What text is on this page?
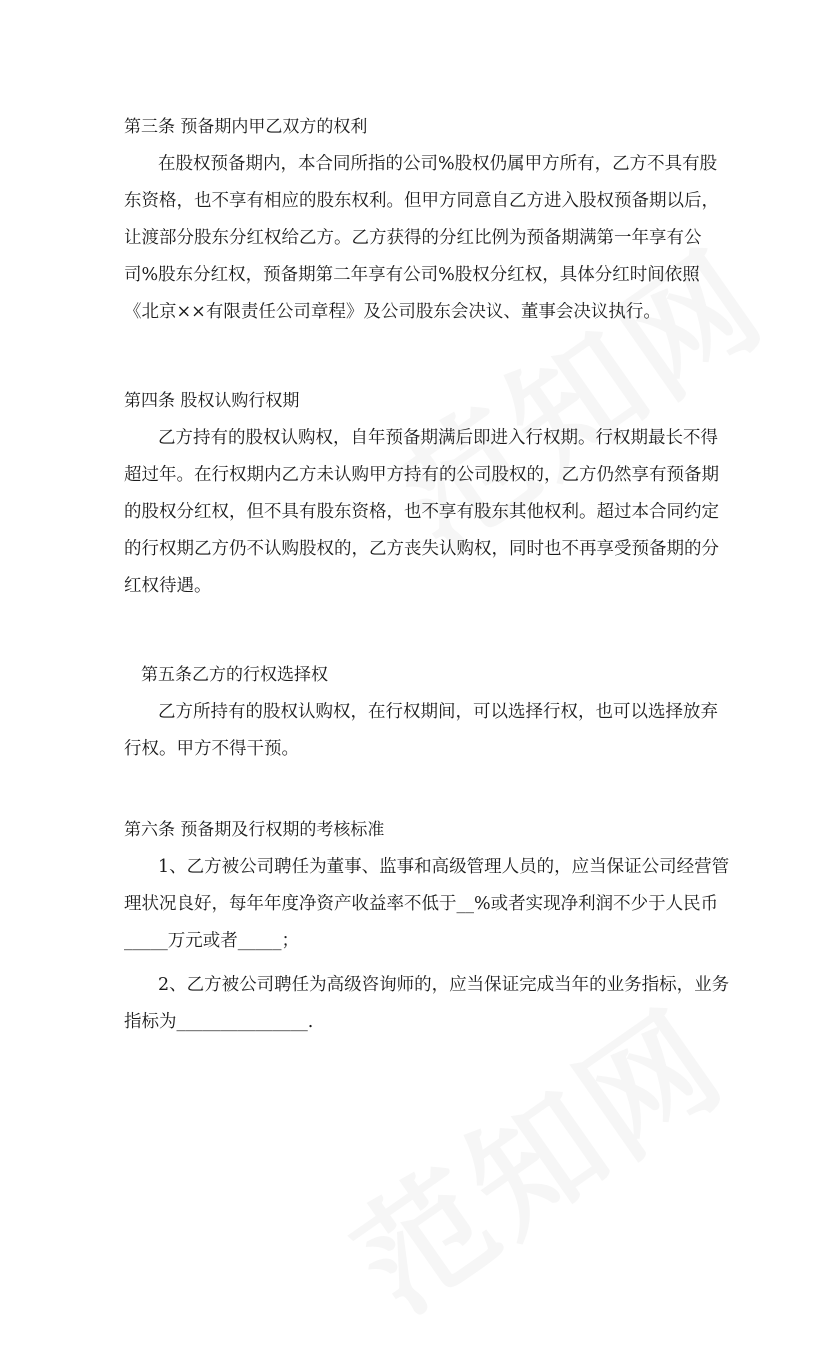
第三条 预备期内甲乙双方的权利
在股权预备期内，本合同所指的公司%股权仍属甲方所有，乙方不具有股
东资格，也不享有相应的股东权利。但甲方同意自乙方进入股权预备期以后，
让渡部分股东分红权给乙方。乙方获得的分红比例为预备期满第一年享有公
司%股东分红权，预备期第二年享有公司%股权分红权，具体分红时间依照
《北京××有限责任公司章程》及公司股东会决议、董事会决议执行。
第四条 股权认购行权期
乙方持有的股权认购权，自年预备期满后即进入行权期。行权期最长不得
超过年。在行权期内乙方未认购甲方持有的公司股权的，乙方仍然享有预备期
的股权分红权，但不具有股东资格，也不享有股东其他权利。超过本合同约定
的行权期乙方仍不认购股权的，乙方丧失认购权，同时也不再享受预备期的分
红权待遇。
第五条乙方的行权选择权
乙方所持有的股权认购权，在行权期间，可以选择行权，也可以选择放弃
行权。甲方不得干预。
第六条 预备期及行权期的考核标准
1、乙方被公司聘任为董事、监事和高级管理人员的，应当保证公司经营管
理状况良好，每年年度净资产收益率不低于__%或者实现净利润不少于人民币
_____万元或者_____；
2、乙方被公司聘任为高级咨询师的，应当保证完成当年的业务指标，业务
指标为_______________.
